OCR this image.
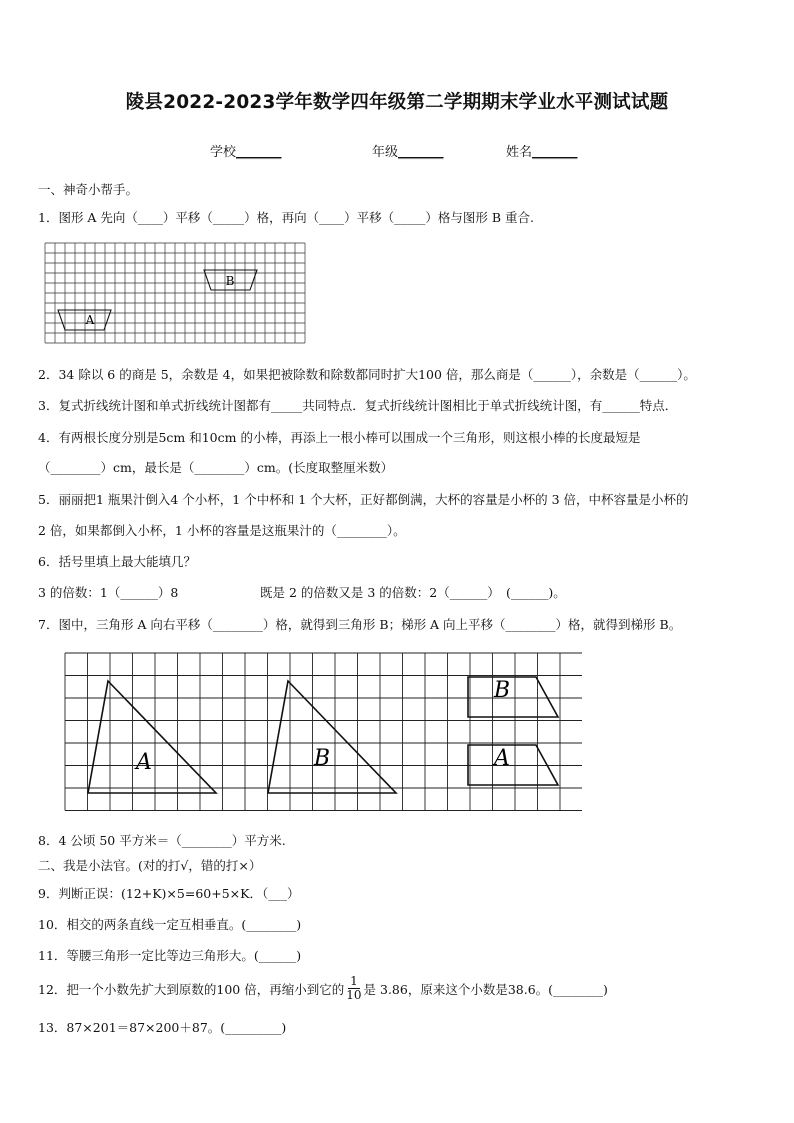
陵县2022-2023学年数学四年级第二学期期末学业水平测试试题
学校_______	年级_______	姓名_______
一、神奇小帮手。
1．图形 A 先向（____）平移（_____）格，再向（____）平移（_____）格与图形 B 重合.
B
A
2．34 除以 6 的商是 5，余数是 4，如果把被除数和除数都同时扩大100 倍，那么商是（______），余数是（______）。
3．复式折线统计图和单式折线统计图都有_____共同特点．复式折线统计图相比于单式折线统计图，有______特点．
4．有两根长度分别是5cm 和10cm 的小棒，再添上一根小棒可以围成一个三角形，则这根小棒的长度最短是
（________）cm，最长是（________）cm。(长度取整厘米数）
5．丽丽把1 瓶果汁倒入4 个小杯，1 个中杯和 1 个大杯，正好都倒满，大杯的容量是小杯的 3 倍，中杯容量是小杯的
2 倍，如果都倒入小杯，1 小杯的容量是这瓶果汁的（________）。
6．括号里填上最大能填几？
3 的倍数：1（______）8	既是 2 的倍数又是 3 的倍数：2（______）　(______)。
7．图中，三角形 A 向右平移（________）格，就得到三角形 B；梯形 A 向上平移（________）格，就得到梯形 B。
A	B
B
A
8．4 公顷 50 平方米＝（________）平方米.
二、我是小法官。(对的打√，错的打×）
9．判断正误：(12+K)×5=60+5×K．（___）
10．相交的两条直线一定互相垂直。(________)
11．等腰三角形一定比等边三角形大。(______)
12．把一个小数先扩大到原数的100 倍，再缩小到它的 $\frac{1}{10}$ 是 3.86，原来这个小数是38.6。(________)
13．87×201＝87×200＋87。(_________)
